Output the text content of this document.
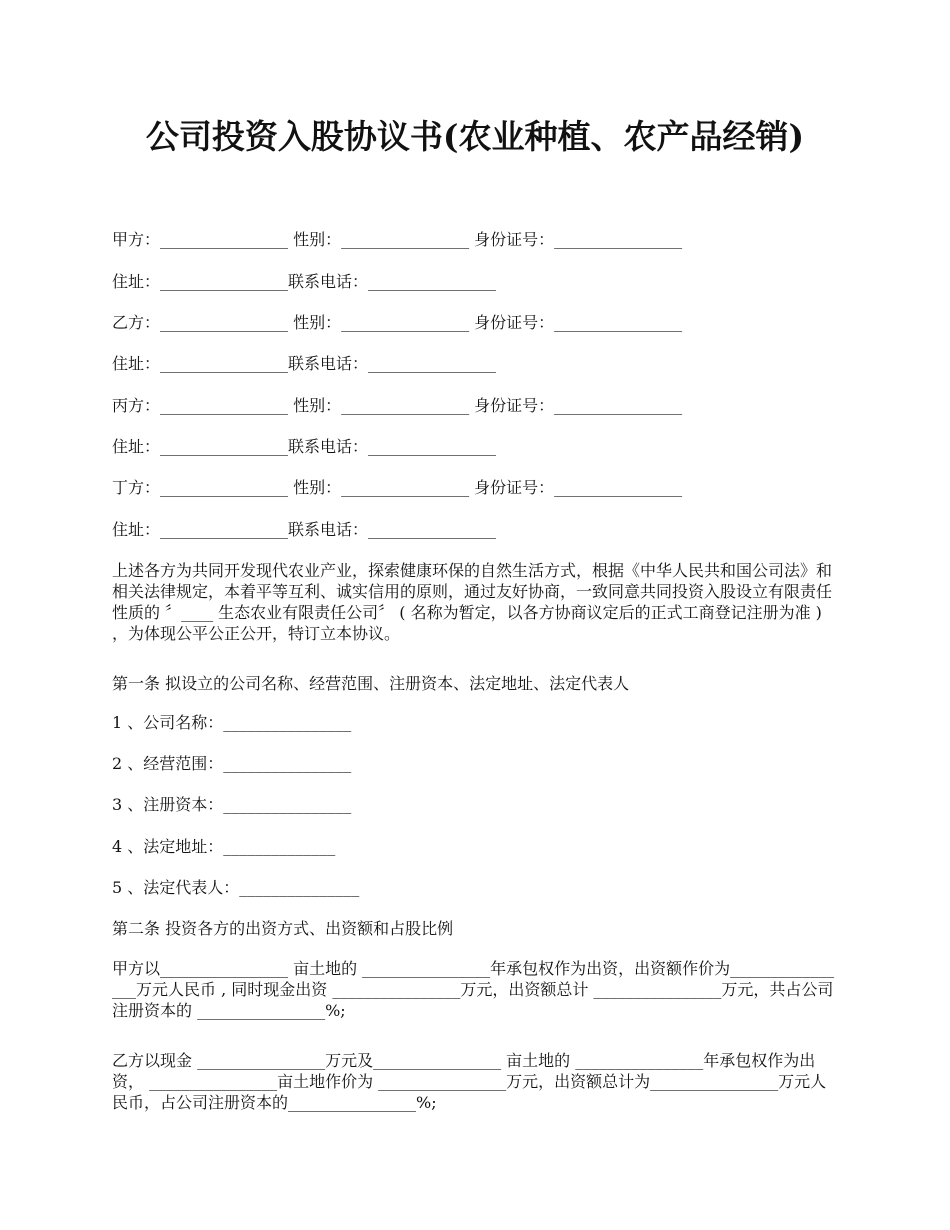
公司投资入股协议书(农业种植、农产品经销)

甲方：________________ 性别：________________ 身份证号：________________

住址：________________联系电话：________________

乙方：________________ 性别：________________ 身份证号：________________

住址：________________联系电话：________________

丙方：________________ 性别：________________ 身份证号：________________

住址：________________联系电话：________________

丁方：________________ 性别：________________ 身份证号：________________

住址：________________联系电话：________________

上述各方为共同开发现代农业产业，探索健康环保的自然生活方式，根据《中华人民共和国公司法》和相关法律规定，本着平等互利、诚实信用的原则，通过友好协商，一致同意共同投资入股设立有限责任性质的 〞____ 生态农业有限责任公司〞 ( 名称为暂定，以各方协商议定后的正式工商登记注册为准 ) ，为体现公平公正公开，特订立本协议。

第一条 拟设立的公司名称、经营范围、注册资本、法定地址、法定代表人

1 、公司名称：________________

2 、经营范围：________________

3 、注册资本：________________

4 、法定地址：______________

5 、法定代表人：_______________

第二条 投资各方的出资方式、出资额和占股比例

甲方以________________ 亩土地的 ________________年承包权作为出资，出资额作价为________________万元人民币 , 同时现金出资 ________________万元，出资额总计 ________________万元，共占公司注册资本的 ________________%;

乙方以现金 ________________万元及________________ 亩土地的 ________________年承包权作为出资， ________________亩土地作价为 ________________万元，出资额总计为________________万元人民币，占公司注册资本的________________%;
